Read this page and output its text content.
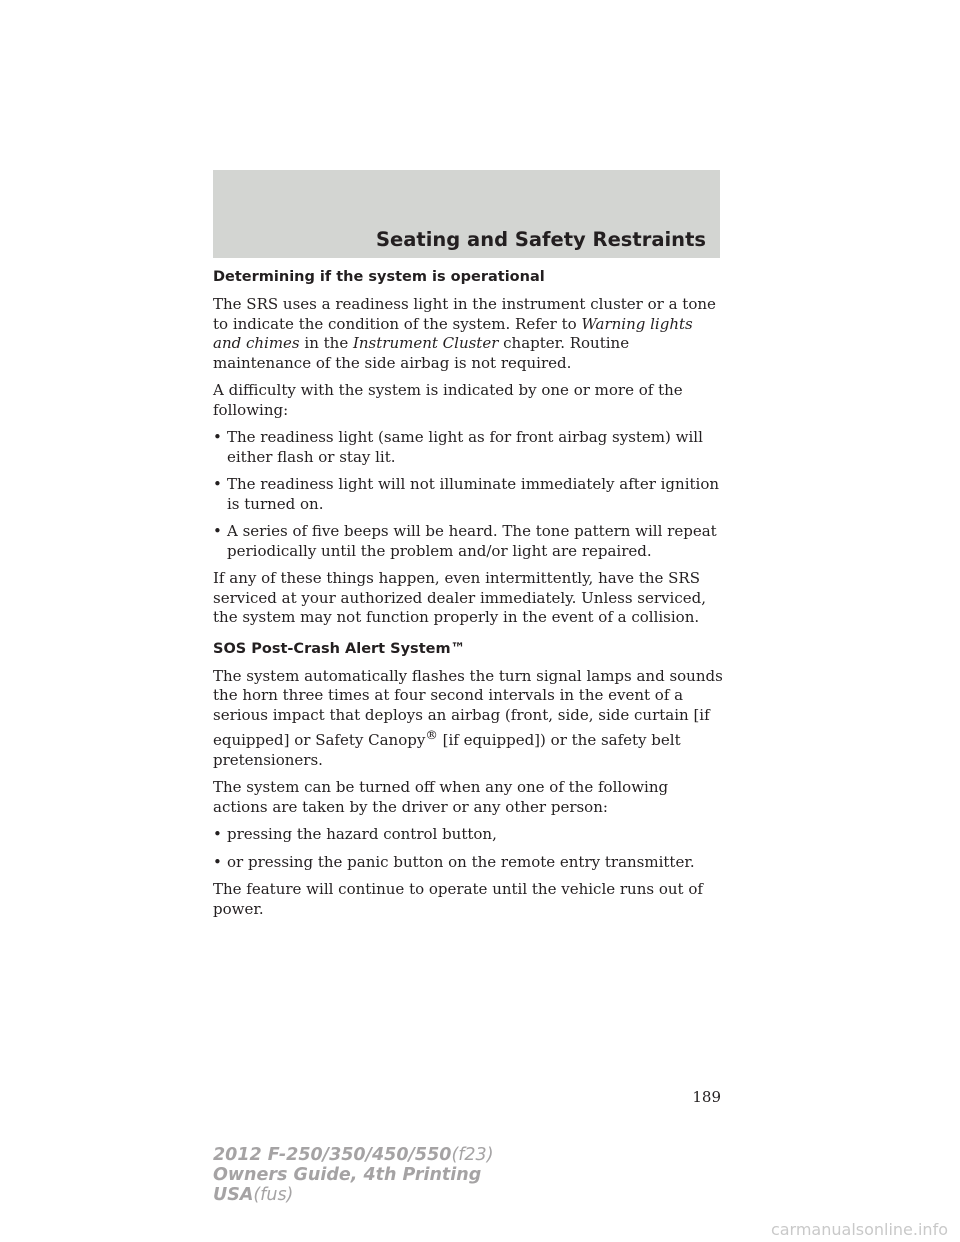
Seating and Safety Restraints
Determining if the system is operational

The SRS uses a readiness light in the instrument cluster or a tone to indicate the condition of the system. Refer to Warning lights and chimes in the Instrument Cluster chapter. Routine maintenance of the side airbag is not required.

A difficulty with the system is indicated by one or more of the following:

• The readiness light (same light as for front airbag system) will either flash or stay lit.
• The readiness light will not illuminate immediately after ignition is turned on.
• A series of five beeps will be heard. The tone pattern will repeat periodically until the problem and/or light are repaired.

If any of these things happen, even intermittently, have the SRS serviced at your authorized dealer immediately. Unless serviced, the system may not function properly in the event of a collision.

SOS Post-Crash Alert System™

The system automatically flashes the turn signal lamps and sounds the horn three times at four second intervals in the event of a serious impact that deploys an airbag (front, side, side curtain [if equipped] or Safety Canopy® [if equipped]) or the safety belt pretensioners.

The system can be turned off when any one of the following actions are taken by the driver or any other person:

• pressing the hazard control button,
• or pressing the panic button on the remote entry transmitter.

The feature will continue to operate until the vehicle runs out of power.

189
2012 F-250/350/450/550(f23)
Owners Guide, 4th Printing
USA(fus)
carmanualsonline.info
